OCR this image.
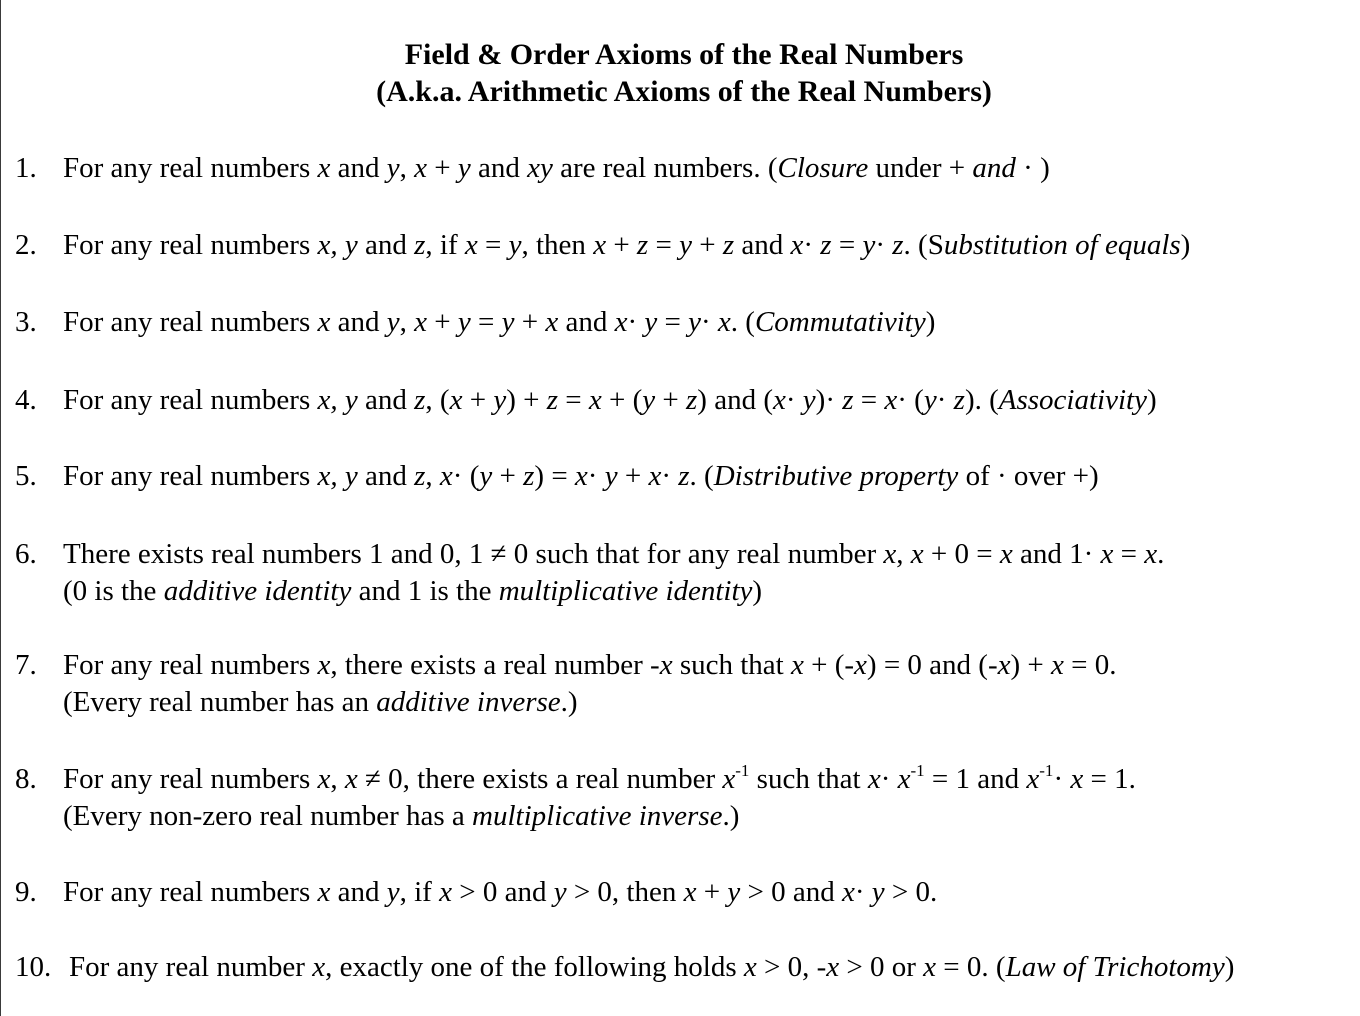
Field & Order Axioms of the Real Numbers
(A.k.a. Arithmetic Axioms of the Real Numbers)
1. For any real numbers x and y, x + y and xy are real numbers. (Closure under + and · )
2. For any real numbers x, y and z, if x = y, then x + z = y + z and x· z = y· z. (Substitution of equals)
3. For any real numbers x and y, x + y = y + x and x· y = y· x. (Commutativity)
4. For any real numbers x, y and z, (x + y) + z = x + (y + z) and (x· y)· z = x· (y· z). (Associativity)
5. For any real numbers x, y and z, x· (y + z) = x· y + x· z. (Distributive property of · over +)
6. There exists real numbers 1 and 0, 1 ≠ 0 such that for any real number x, x + 0 = x and 1· x = x.
(0 is the additive identity and 1 is the multiplicative identity)
7. For any real numbers x, there exists a real number -x such that x + (-x) = 0 and (-x) + x = 0.
(Every real number has an additive inverse.)
8. For any real numbers x, x ≠ 0, there exists a real number $x^{-1}$ such that $x\cdot x^{-1} = 1$ and $x^{-1}\cdot x = 1$.
(Every non-zero real number has a multiplicative inverse.)
9. For any real numbers x and y, if x > 0 and y > 0, then x + y > 0 and x· y > 0.
10. For any real number x, exactly one of the following holds x > 0, -x > 0 or x = 0. (Law of Trichotomy)
